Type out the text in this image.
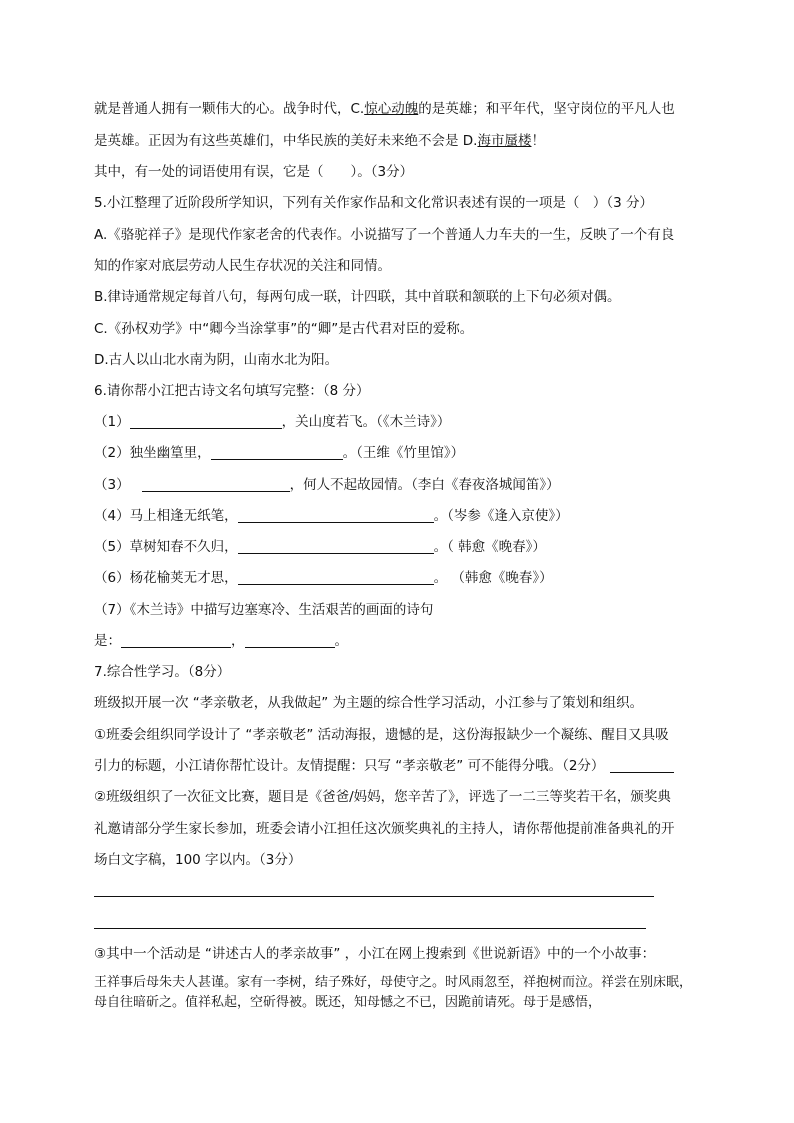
就是普通人拥有一颗伟大的心。战争时代，C.惊心动魄的是英雄；和平年代，坚守岗位的平凡人也
是英雄。正因为有这些英雄们，中华民族的美好未来绝不会是 D.海市蜃楼！
其中，有一处的词语使用有误，它是（　　）。（3分）
5.小江整理了近阶段所学知识，下列有关作家作品和文化常识表述有误的一项是（　）（3 分）
A.《骆驼祥子》是现代作家老舍的代表作。小说描写了一个普通人力车夫的一生，反映了一个有良
知的作家对底层劳动人民生存状况的关注和同情。
B.律诗通常规定每首八句，每两句成一联，计四联，其中首联和颔联的上下句必须对偶。
C.《孙权劝学》中“卿今当涂掌事”的“卿”是古代君对臣的爱称。
D.古人以山北水南为阴，山南水北为阳。
6.请你帮小江把古诗文名句填写完整：（8 分）
（1）	，关山度若飞。（《木兰诗》）
（2）独坐幽篁里，	。（王维《竹里馆》）
（3）	，何人不起故园情。（李白《春夜洛城闻笛》）
（4）马上相逢无纸笔，	。（岑参《逢入京使》）
（5）草树知春不久归，	。（ 韩愈《晚春》）
（6）杨花榆荚无才思，	。 （韩愈《晚春》）
（7）《木兰诗》中描写边塞寒冷、生活艰苦的画面的诗句
是：	，	。
7.综合性学习。（8分）
班级拟开展一次 “孝亲敬老，从我做起” 为主题的综合性学习活动，小江参与了策划和组织。
①班委会组织同学设计了 “孝亲敬老” 活动海报，遗憾的是，这份海报缺少一个凝练、醒目又具吸
引力的标题，小江请你帮忙设计。友情提醒：只写 “孝亲敬老” 可不能得分哦。（2分）
②班级组织了一次征文比赛，题目是《爸爸/妈妈，您辛苦了》，评选了一二三等奖若干名，颁奖典
礼邀请部分学生家长参加，班委会请小江担任这次颁奖典礼的主持人，请你帮他提前准备典礼的开
场白文字稿，100 字以内。（3分）
③其中一个活动是 “讲述古人的孝亲故事” ，小江在网上搜索到《世说新语》中的一个小故事：
王祥事后母朱夫人甚谨。家有一李树，结子殊好，母使守之。时风雨忽至，祥抱树而泣。祥尝在别床眠，母自往暗斫之。值祥私起，空斫得被。既还，知母憾之不已，因跪前请死。母于是感悟，
